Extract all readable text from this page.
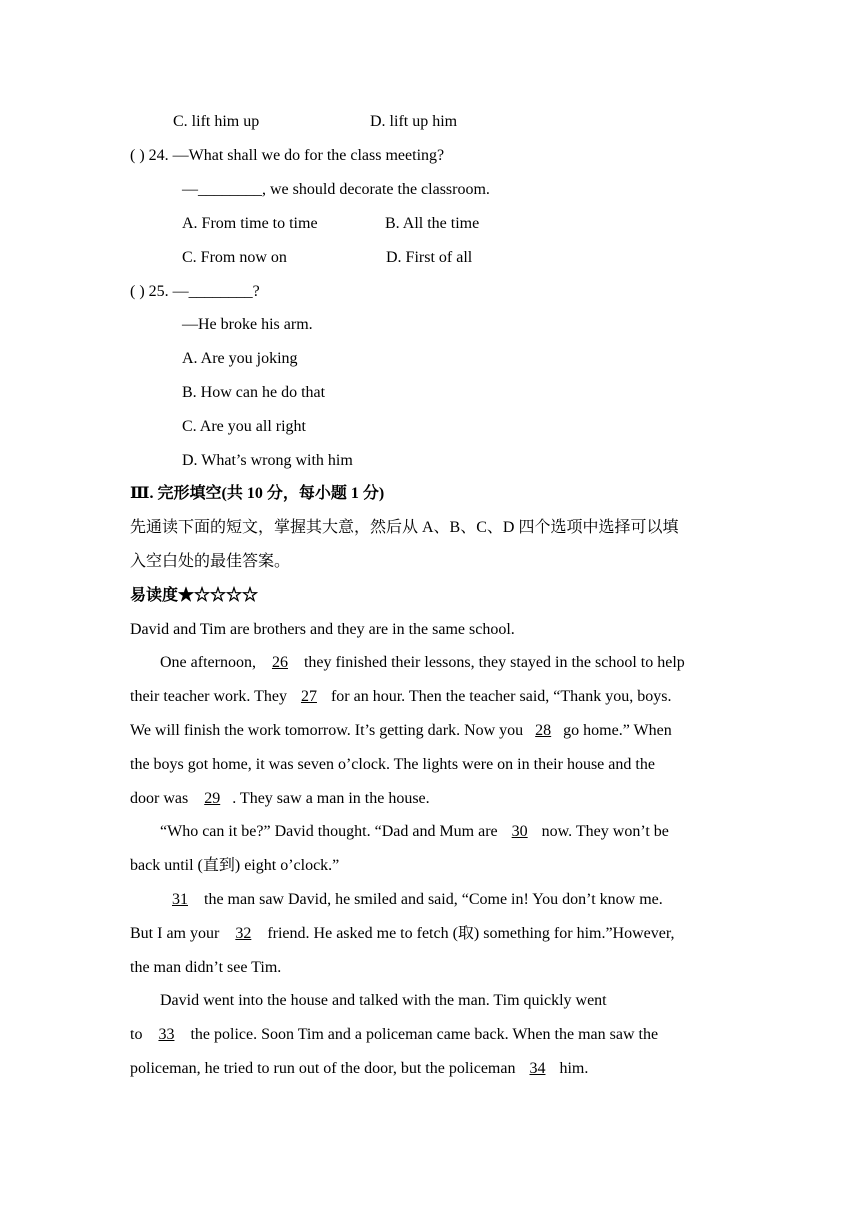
C. lift him up	D. lift up him
( ) 24. —What shall we do for the class meeting?
—________, we should decorate the classroom.
A. From time to time	B. All the time
C. From now on	D. First of all
( ) 25. —________?
—He broke his arm.
A. Are you joking
B. How can he do that
C. Are you all right
D. What’s wrong with him
Ⅲ. 完形填空(共 10 分，每小题 1 分)
先通读下面的短文，掌握其大意，然后从 A、B、C、D 四个选项中选择可以填
入空白处的最佳答案。
易读度★☆☆☆☆
David and Tim are brothers and they are in the same school.
One afternoon, 26 they finished their lessons, they stayed in the school to help
their teacher work. They 27 for an hour. Then the teacher said, “Thank you, boys.
We will finish the work tomorrow. It’s getting dark. Now you 28 go home.” When
the boys got home, it was seven o’clock. The lights were on in their house and the
door was 29 . They saw a man in the house.
“Who can it be?” David thought. “Dad and Mum are 30 now. They won’t be
back until (直到) eight o’clock.”
31 the man saw David, he smiled and said, “Come in! You don’t know me.
But I am your 32 friend. He asked me to fetch (取) something for him.”However,
the man didn’t see Tim.
David went into the house and talked with the man. Tim quickly went
to 33 the police. Soon Tim and a policeman came back. When the man saw the
policeman, he tried to run out of the door, but the policeman 34 him.
